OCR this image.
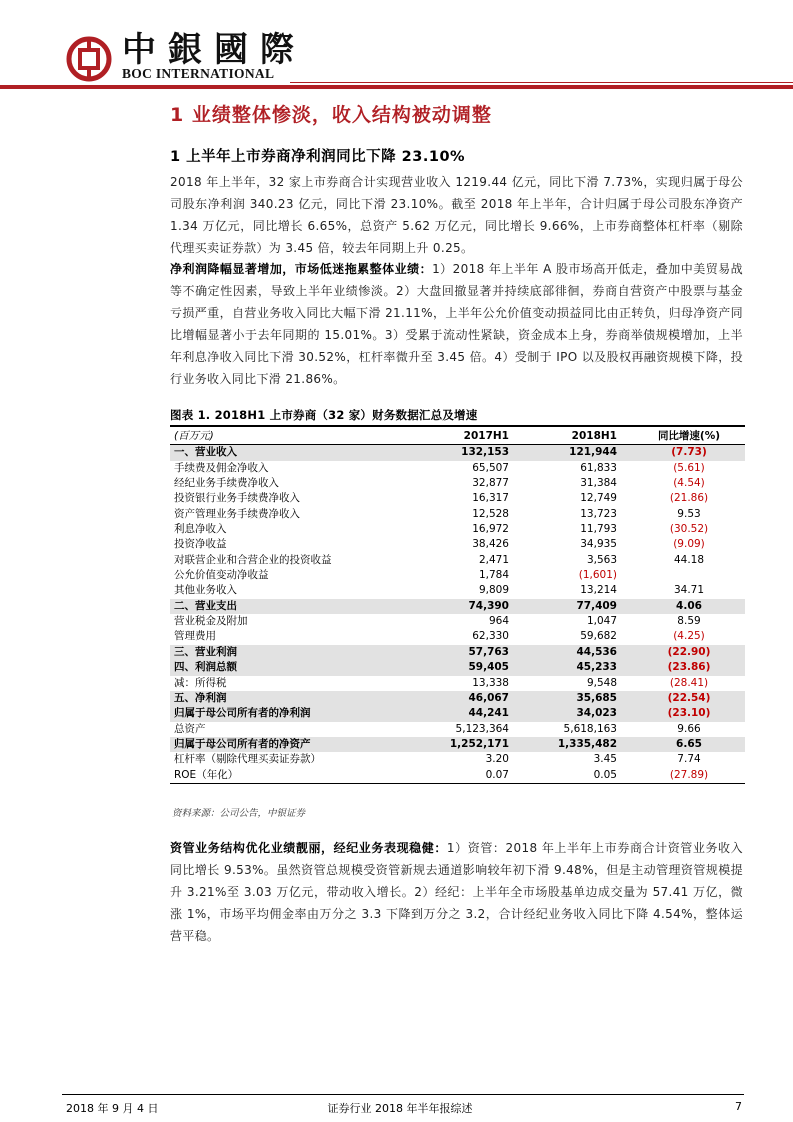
中銀國際
BOC INTERNATIONAL
1 业绩整体惨淡，收入结构被动调整
1 上半年上市券商净利润同比下降 23.10%
2018 年上半年，32 家上市券商合计实现营业收入 1219.44 亿元，同比下滑 7.73%，实现归属于母公司股东净利润 340.23 亿元，同比下滑 23.10%。截至 2018 年上半年，合计归属于母公司股东净资产 1.34 万亿元，同比增长 6.65%，总资产 5.62 万亿元，同比增长 9.66%，上市券商整体杠杆率（剔除代理买卖证券款）为 3.45 倍，较去年同期上升 0.25。
净利润降幅显著增加，市场低迷拖累整体业绩：1）2018 年上半年 A 股市场高开低走，叠加中美贸易战等不确定性因素，导致上半年业绩惨淡。2）大盘回撤显著并持续底部徘徊，券商自营资产中股票与基金亏损严重，自营业务收入同比大幅下滑 21.11%，上半年公允价值变动损益同比由正转负，归母净资产同比增幅显著小于去年同期的 15.01%。3）受累于流动性紧缺，资金成本上身，券商举债规模增加，上半年利息净收入同比下滑 30.52%，杠杆率微升至 3.45 倍。4）受制于 IPO 以及股权再融资规模下降，投行业务收入同比下滑 21.86%。
图表 1. 2018H1 上市券商（32 家）财务数据汇总及增速
(百万元)	2017H1	2018H1	同比增速(%)
一、营业收入	132,153	121,944	(7.73)
手续费及佣金净收入	65,507	61,833	(5.61)
经纪业务手续费净收入	32,877	31,384	(4.54)
投资银行业务手续费净收入	16,317	12,749	(21.86)
资产管理业务手续费净收入	12,528	13,723	9.53
利息净收入	16,972	11,793	(30.52)
投资净收益	38,426	34,935	(9.09)
对联营企业和合营企业的投资收益	2,471	3,563	44.18
公允价值变动净收益	1,784	(1,601)	
其他业务收入	9,809	13,214	34.71
二、营业支出	74,390	77,409	4.06
营业税金及附加	964	1,047	8.59
管理费用	62,330	59,682	(4.25)
三、营业利润	57,763	44,536	(22.90)
四、利润总额	59,405	45,233	(23.86)
减：所得税	13,338	9,548	(28.41)
五、净利润	46,067	35,685	(22.54)
归属于母公司所有者的净利润	44,241	34,023	(23.10)
总资产	5,123,364	5,618,163	9.66
归属于母公司所有者的净资产	1,252,171	1,335,482	6.65
杠杆率（剔除代理买卖证券款）	3.20	3.45	7.74
ROE（年化）	0.07	0.05	(27.89)
资料来源：公司公告，中银证券
资管业务结构优化业绩靓丽，经纪业务表现稳健：1）资管：2018 年上半年上市券商合计资管业务收入同比增长 9.53%。虽然资管总规模受资管新规去通道影响较年初下滑 9.48%，但是主动管理资管规模提升 3.21%至 3.03 万亿元，带动收入增长。2）经纪：上半年全市场股基单边成交量为 57.41 万亿，微涨 1%，市场平均佣金率由万分之 3.3 下降到万分之 3.2，合计经纪业务收入同比下降 4.54%，整体运营平稳。
2018 年 9 月 4 日	证券行业 2018 年半年报综述	7
